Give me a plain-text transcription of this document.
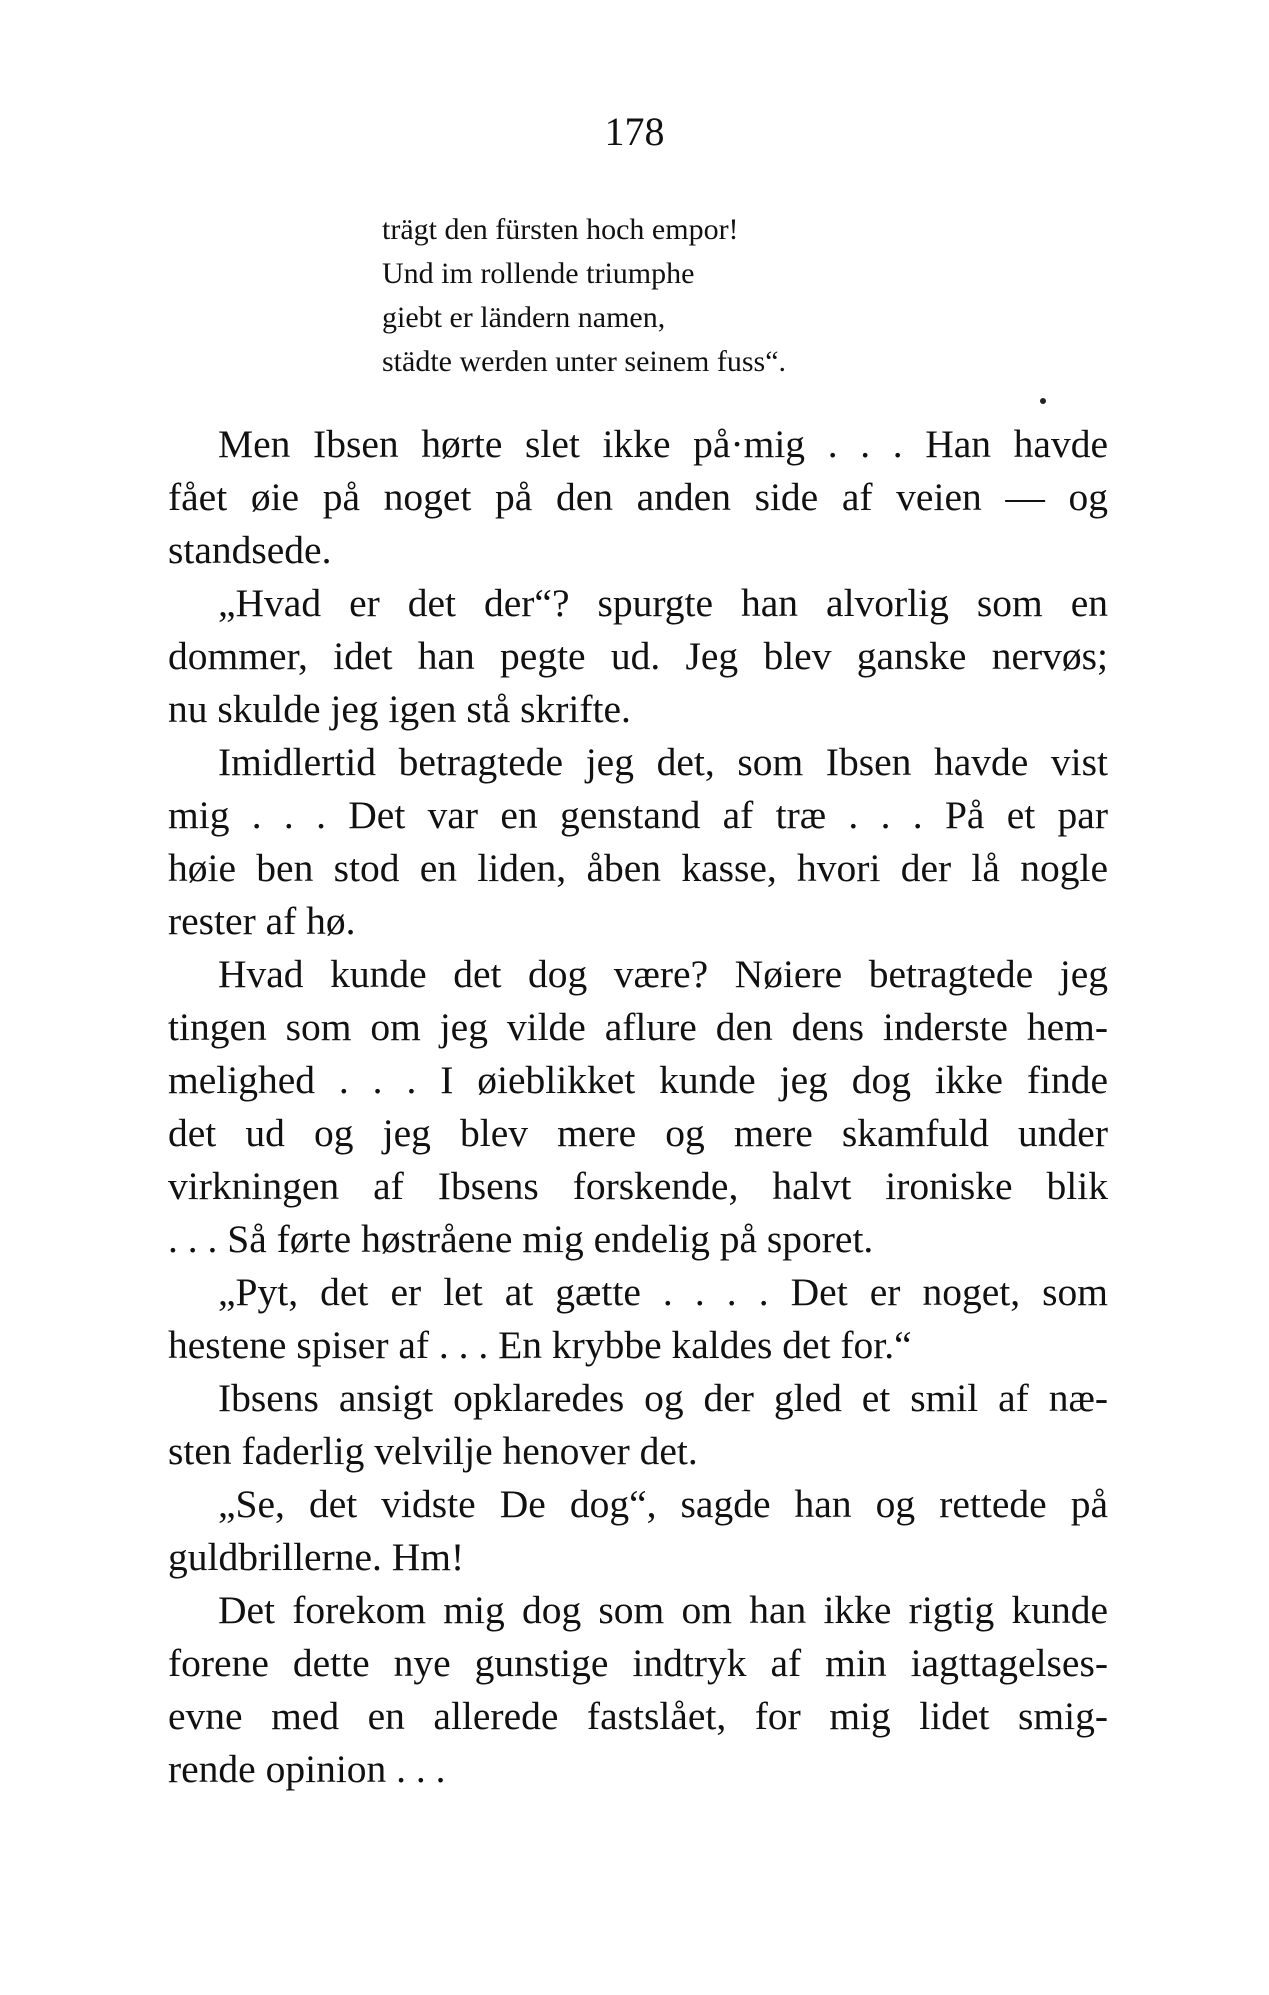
178
trägt den fürsten hoch empor!
Und im rollende triumphe
giebt er ländern namen,
städte werden unter seinem fuss“.
Men Ibsen hørte slet ikke på·mig . . . Han havde
fået øie på noget på den anden side af veien — og
standsede.
„Hvad er det der“? spurgte han alvorlig som en
dommer, idet han pegte ud. Jeg blev ganske nervøs;
nu skulde jeg igen stå skrifte.
Imidlertid betragtede jeg det, som Ibsen havde vist
mig . . . Det var en genstand af træ . . . På et par
høie ben stod en liden, åben kasse, hvori der lå nogle
rester af hø.
Hvad kunde det dog være? Nøiere betragtede jeg
tingen som om jeg vilde aflure den dens inderste hem-
melighed . . . I øieblikket kunde jeg dog ikke finde
det ud og jeg blev mere og mere skamfuld under
virkningen af Ibsens forskende, halvt ironiske blik
. . . Så førte høstråene mig endelig på sporet.
„Pyt, det er let at gætte . . . . Det er noget, som
hestene spiser af . . . En krybbe kaldes det for.“
Ibsens ansigt opklaredes og der gled et smil af næ-
sten faderlig velvilje henover det.
„Se, det vidste De dog“, sagde han og rettede på
guldbrillerne. Hm!
Det forekom mig dog som om han ikke rigtig kunde
forene dette nye gunstige indtryk af min iagttagelses-
evne med en allerede fastslået, for mig lidet smig-
rende opinion . . .
